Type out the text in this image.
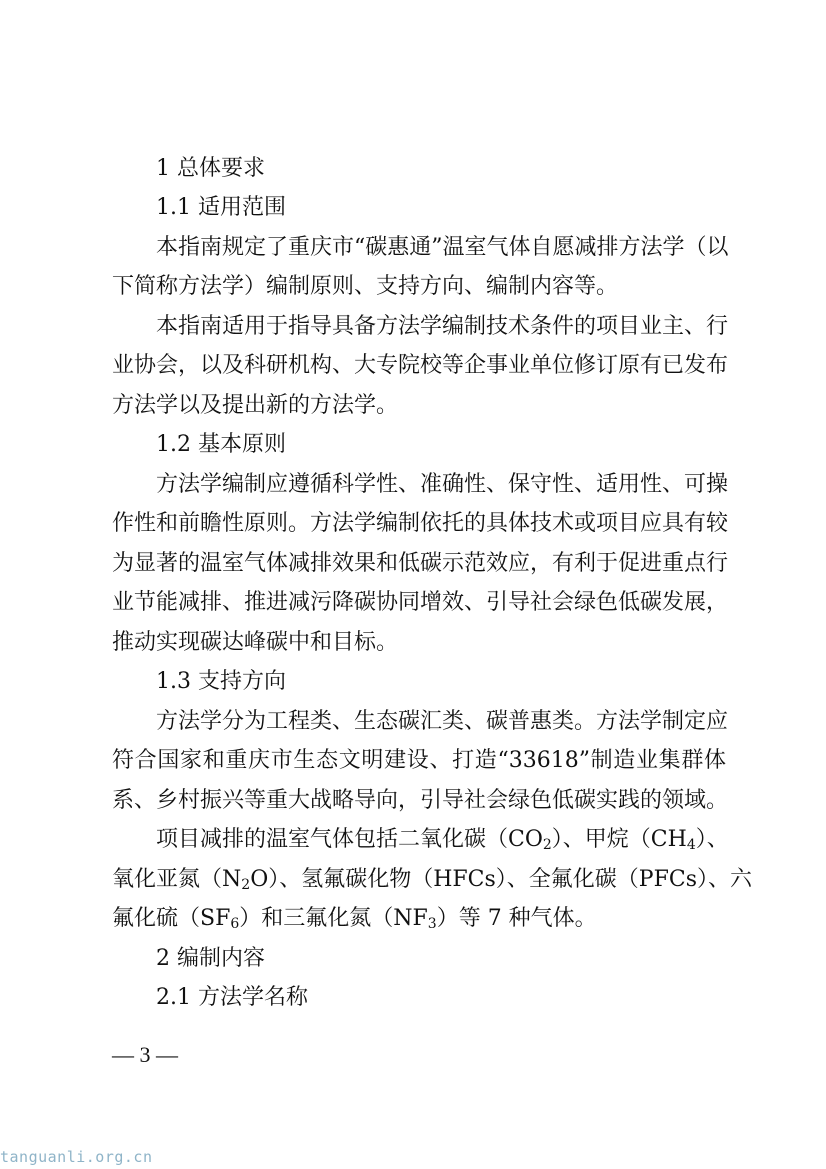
1 总体要求
1.1 适用范围
本指南规定了重庆市“碳惠通”温室气体自愿减排方法学（以
下简称方法学）编制原则、支持方向、编制内容等。
本指南适用于指导具备方法学编制技术条件的项目业主、行
业协会，以及科研机构、大专院校等企事业单位修订原有已发布
方法学以及提出新的方法学。
1.2 基本原则
方法学编制应遵循科学性、准确性、保守性、适用性、可操
作性和前瞻性原则。方法学编制依托的具体技术或项目应具有较
为显著的温室气体减排效果和低碳示范效应，有利于促进重点行
业节能减排、推进减污降碳协同增效、引导社会绿色低碳发展，
推动实现碳达峰碳中和目标。
1.3 支持方向
方法学分为工程类、生态碳汇类、碳普惠类。方法学制定应
符合国家和重庆市生态文明建设、打造“33618”制造业集群体
系、乡村振兴等重大战略导向，引导社会绿色低碳实践的领域。
项目减排的温室气体包括二氧化碳$(CO_2)$、甲烷$(CH_4)$、
氧化亚氮$(N_2O)$、氢氟碳化物（HFCs）、全氟化碳（PFCs）、六
氟化硫$(SF_6)$和三氟化氮$(NF_3)$等 7 种气体。
2 编制内容
2.1 方法学名称
— 3 —
tanguanli.org.cn
